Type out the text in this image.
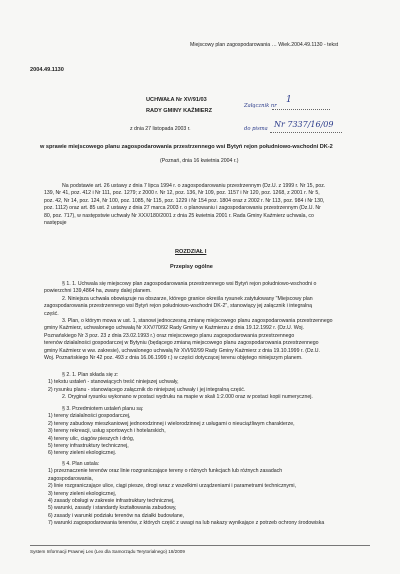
Miejscowy plan zagospodarowania … Wiek.2004.49.1130 - tekst
2004.49.1130
UCHWAŁA Nr XV/91/03
RADY GMINY KAŹMIERZ
Załącznik nr
1
z dnia 27 listopada 2003 r.	do pisma Nr 7337/16/09
w sprawie miejscowego planu zagospodarowania przestrzennego wsi Bytyń rejon południowo-wschodni DK-2
(Poznań, dnia 16 kwietnia 2004 r.)
Na podstawie art. 26 ustawy z dnia 7 lipca 1994 r. o zagospodarowaniu przestrzennym (Dz.U. z 1999 r. Nr 15, poz.
139, Nr 41, poz. 412 i Nr 111, poz. 1279; z 2000 r. Nr 12, poz. 136, Nr 109, poz. 1157 i Nr 120, poz. 1268, z 2001 r. Nr 5,
poz. 42, Nr 14, poz. 124, Nr 100, poz. 1085, Nr 115, poz. 1229 i Nr 154 poz. 1804 oraz z 2002 r. Nr 113, poz. 984 i Nr 130,
poz. 1112) oraz art. 85 ust. 2 ustawy z dnia 27 marca 2003 r. o planowaniu i zagospodarowaniu przestrzennym (Dz.U. Nr
80, poz. 717), w następstwie uchwały Nr XXX/180/2001 z dnia 25 kwietnia 2001 r. Rada Gminy Kaźmierz uchwala, co
następuje
ROZDZIAŁ I
Przepisy ogólne
§ 1. 1. Uchwala się miejscowy plan zagospodarowania przestrzennego wsi Bytyń rejon południowo-wschodni o
powierzchni 139,4864 ha, zwany dalej planem.
2. Niniejsza uchwała obowiązuje na obszarze, którego granice określa rysunek zatytułowany "Miejscowy plan
zagospodarowania przestrzennego wsi Bytyń rejon południowo-wschodni DK-2", stanowiący jej załącznik i integralną
część.
3. Plan, o którym mowa w ust. 1, stanowi jednoczesną zmianę miejscowego planu zagospodarowania przestrzennego
gminy Kaźmierz, uchwalonego uchwałą Nr XXV/70/92 Rady Gminy w Kaźmierzu z dnia 19.12.1992 r. (Dz.U. Woj.
Poznańskiego Nr 3 poz. 23 z dnia 23.02.1993 r.) oraz miejscowego planu zagospodarowania przestrzennego
terenów działalności gospodarczej w Bytyniu (będącego zmianą miejscowego planu zagospodarowania przestrzennego
gminy Kaźmierz w ww. zakresie), uchwalonego uchwałą Nr XVI/92/99 Rady Gminy Kaźmierz z dnia 19.10.1999 r. (Dz.U.
Woj. Poznańskiego Nr 42 poz. 493 z dnia 16.06.1999 r.) w części dotyczącej terenu objętego niniejszym planem.
§ 2. 1. Plan składa się z:
1) tekstu ustaleń - stanowiących treść niniejszej uchwały,
2) rysunku planu - stanowiącego załącznik do niniejszej uchwały i jej integralną część.
2. Oryginał rysunku wykonano w postaci wydruku na mapie w skali 1:2.000 oraz w postaci kopii numerycznej.
§ 3. Przedmiotem ustaleń planu są:
1) tereny działalności gospodarczej,
2) tereny zabudowy mieszkaniowej jednorodzinnej i wielorodzinnej z usługami o nieuciążliwym charakterze,
3) tereny rekreacji, usług sportowych i hotelarskich,
4) tereny ulic, ciągów pieszych i dróg,
5) tereny infrastruktury technicznej,
6) tereny zieleni ekologicznej.
§ 4. Plan ustala:
1) przeznaczenie terenów oraz linie rozgraniczające tereny o różnych funkcjach lub różnych zasadach
zagospodarowania,
2) linie rozgraniczające ulice, ciągi piesze, drogi wraz z wszelkimi urządzeniami i parametrami technicznymi,
3) tereny zieleni ekologicznej,
4) zasady obsługi w zakresie infrastruktury technicznej,
5) warunki, zasady i standardy kształtowania zabudowy,
6) zasady i warunki podziału terenów na działki budowlane,
7) warunki zagospodarowania terenów, z których część z uwagi na lub nakazy wynikające z potrzeb ochrony środowiska
System Informacji Prawnej Lex (Lex dla Samorządu Terytorialnego) 18/2009
